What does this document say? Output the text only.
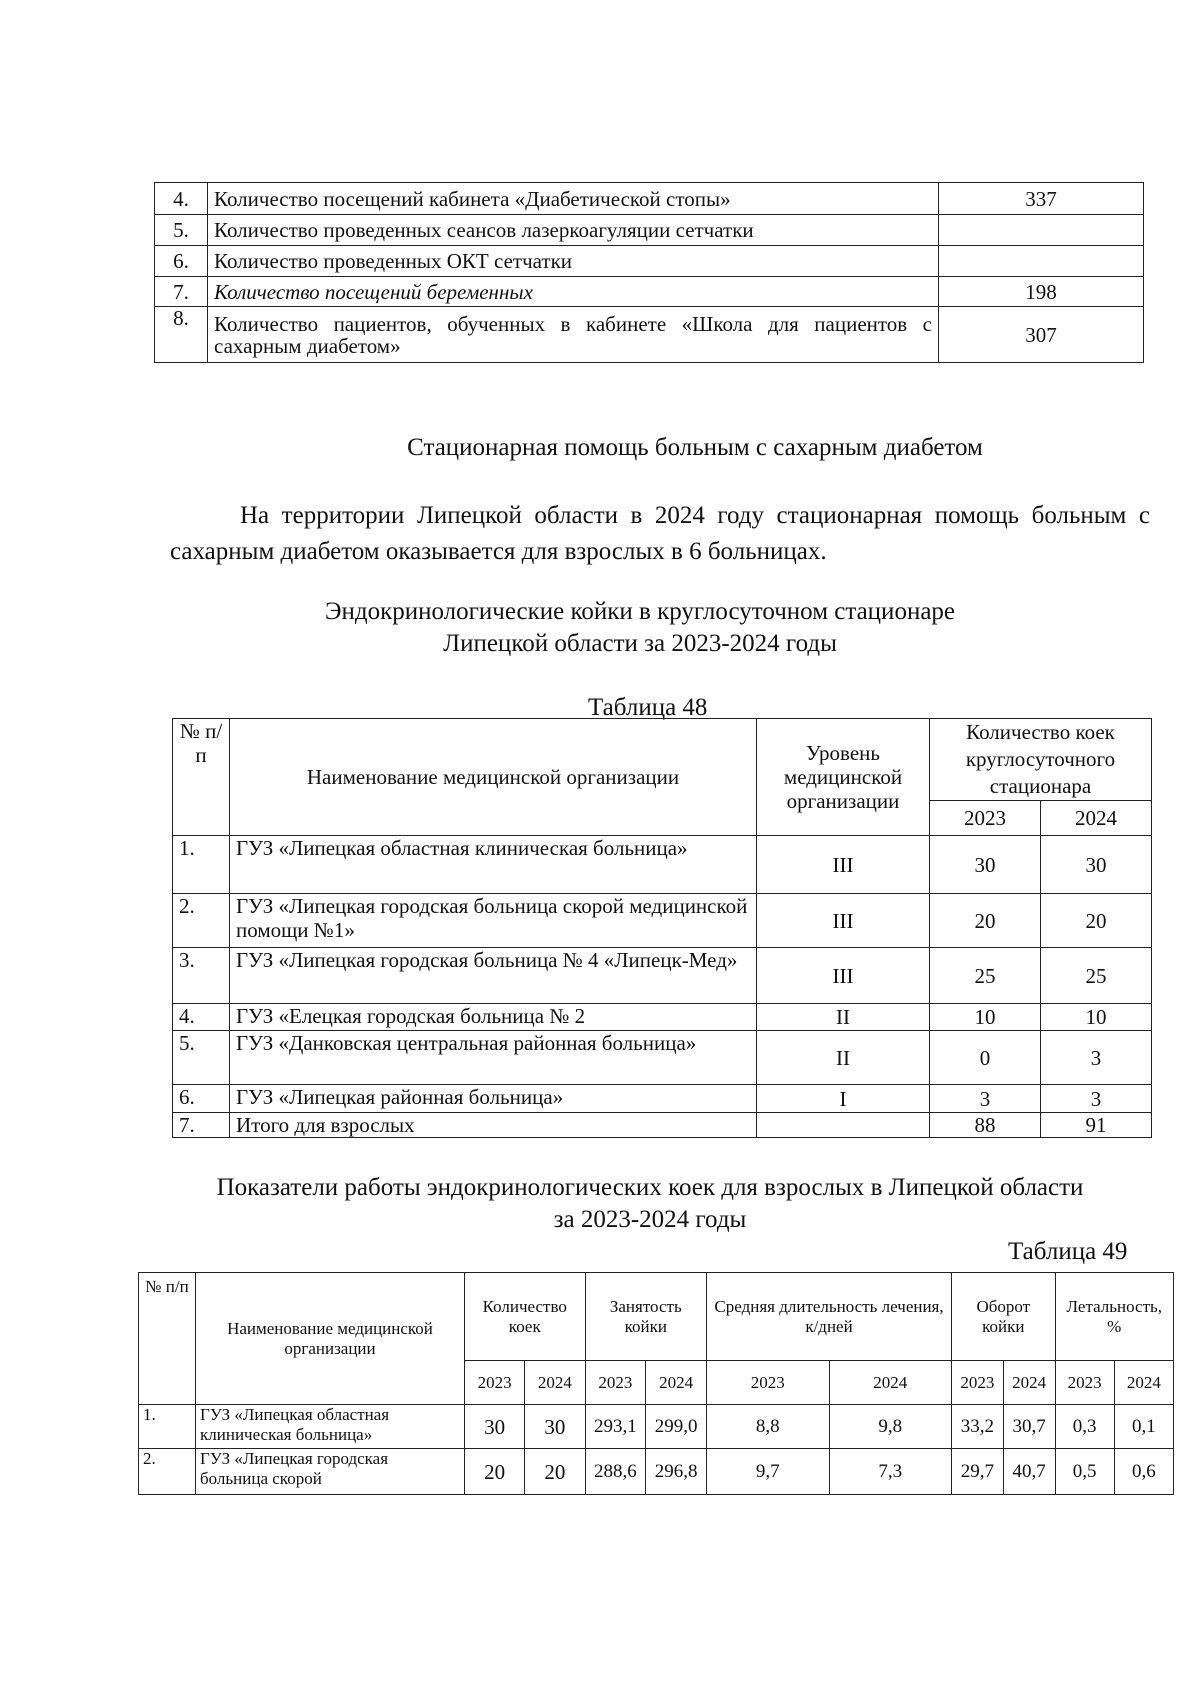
4.	Количество посещений кабинета «Диабетической стопы»	337
5.	Количество проведенных сеансов лазеркоагуляции сетчатки	
6.	Количество проведенных ОКТ сетчатки	
7.	Количество посещений беременных	198
8.	Количество пациентов, обученных в кабинете «Школа для пациентов с сахарным диабетом»	307
Стационарная помощь больным с сахарным диабетом
На территории Липецкой области в 2024 году стационарная помощь больным с сахарным диабетом оказывается для взрослых в 6 больницах.
Эндокринологические койки в круглосуточном стационаре
Липецкой области за 2023-2024 годы
Таблица 48
№ п/п	Наименование медицинской организации	Уровень медицинской организации	Количество коек круглосуточного стационара	
			2023	2024
1.	ГУЗ «Липецкая областная клиническая больница»	III	30	30
2.	ГУЗ «Липецкая городская больница скорой медицинской помощи №1»	III	20	20
3.	ГУЗ «Липецкая городская больница № 4 «Липецк-Мед»	III	25	25
4.	ГУЗ «Елецкая городская больница № 2	II	10	10
5.	ГУЗ «Данковская центральная районная больница»	II	0	3
6.	ГУЗ «Липецкая районная больница»	I	3	3
7.	Итого для взрослых		88	91
Показатели работы эндокринологических коек для взрослых в Липецкой области
за 2023-2024 годы
Таблица 49
№ п/п	Наименование медицинской организации	Количество коек		Занятость койки		Средняя длительность лечения, к/дней		Оборот койки		Летальность, %	
		2023	2024	2023	2024	2023	2024	2023	2024	2023	2024
1.	ГУЗ «Липецкая областная клиническая больница»	30	30	293,1	299,0	8,8	9,8	33,2	30,7	0,3	0,1
2.	ГУЗ «Липецкая городская больница скорой	20	20	288,6	296,8	9,7	7,3	29,7	40,7	0,5	0,6
